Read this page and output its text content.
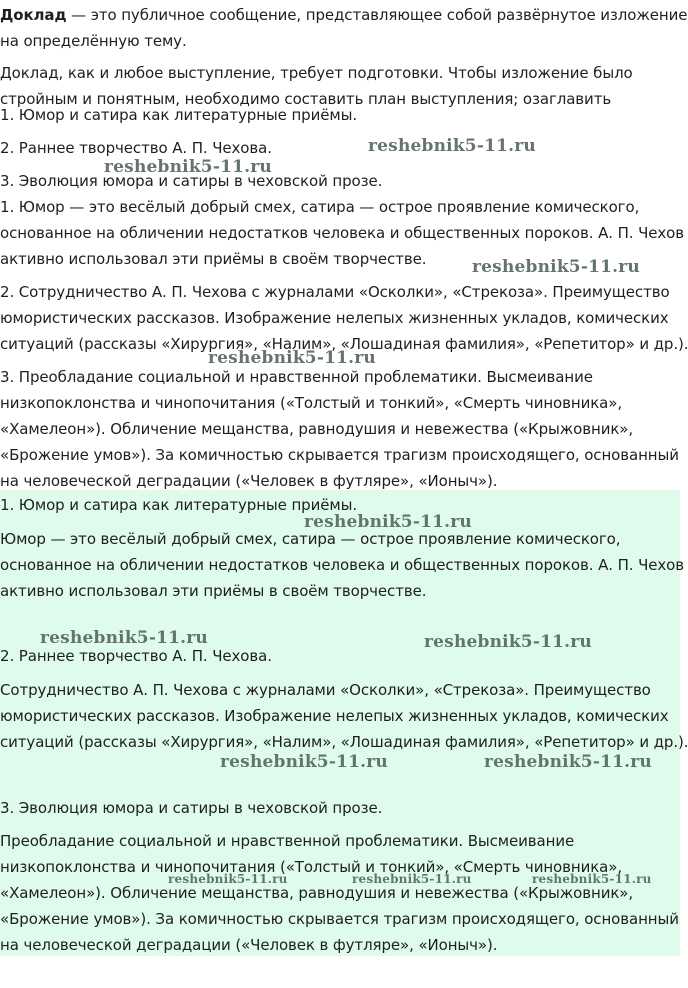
Доклад — это публичное сообщение, представляющее собой развёрнутое изложение
на определённую тему.
Доклад, как и любое выступление, требует подготовки. Чтобы изложение было
стройным и понятным, необходимо составить план выступления; озаглавить
1. Юмор и сатира как литературные приёмы.
2. Раннее творчество А. П. Чехова.
3. Эволюция юмора и сатиры в чеховской прозе.
1. Юмор — это весёлый добрый смех, сатира — острое проявление комического,
основанное на обличении недостатков человека и общественных пороков. А. П. Чехов
активно использовал эти приёмы в своём творчестве.
2. Сотрудничество А. П. Чехова с журналами «Осколки», «Стрекоза». Преимущество
юмористических рассказов. Изображение нелепых жизненных укладов, комических
ситуаций (рассказы «Хирургия», «Налим», «Лошадиная фамилия», «Репетитор» и др.).
3. Преобладание социальной и нравственной проблематики. Высмеивание
низкопоклонства и чинопочитания («Толстый и тонкий», «Смерть чиновника»,
«Хамелеон»). Обличение мещанства, равнодушия и невежества («Крыжовник»,
«Брожение умов»). За комичностью скрывается трагизм происходящего, основанный
на человеческой деградации («Человек в футляре», «Ионыч»).
1. Юмор и сатира как литературные приёмы.
Юмор — это весёлый добрый смех, сатира — острое проявление комического,
основанное на обличении недостатков человека и общественных пороков. А. П. Чехов
активно использовал эти приёмы в своём творчестве.
2. Раннее творчество А. П. Чехова.
Сотрудничество А. П. Чехова с журналами «Осколки», «Стрекоза». Преимущество
юмористических рассказов. Изображение нелепых жизненных укладов, комических
ситуаций (рассказы «Хирургия», «Налим», «Лошадиная фамилия», «Репетитор» и др.).
3. Эволюция юмора и сатиры в чеховской прозе.
Преобладание социальной и нравственной проблематики. Высмеивание
низкопоклонства и чинопочитания («Толстый и тонкий», «Смерть чиновника»,
«Хамелеон»). Обличение мещанства, равнодушия и невежества («Крыжовник»,
«Брожение умов»). За комичностью скрывается трагизм происходящего, основанный
на человеческой деградации («Человек в футляре», «Ионыч»).
reshebnik5-11.ru
reshebnik5-11.ru
reshebnik5-11.ru
reshebnik5-11.ru
reshebnik5-11.ru
reshebnik5-11.ru	reshebnik5-11.ru
reshebnik5-11.ru	reshebnik5-11.ru
reshebnik5-11.ru	reshebnik5-11.ru	reshebnik5-11.ru
